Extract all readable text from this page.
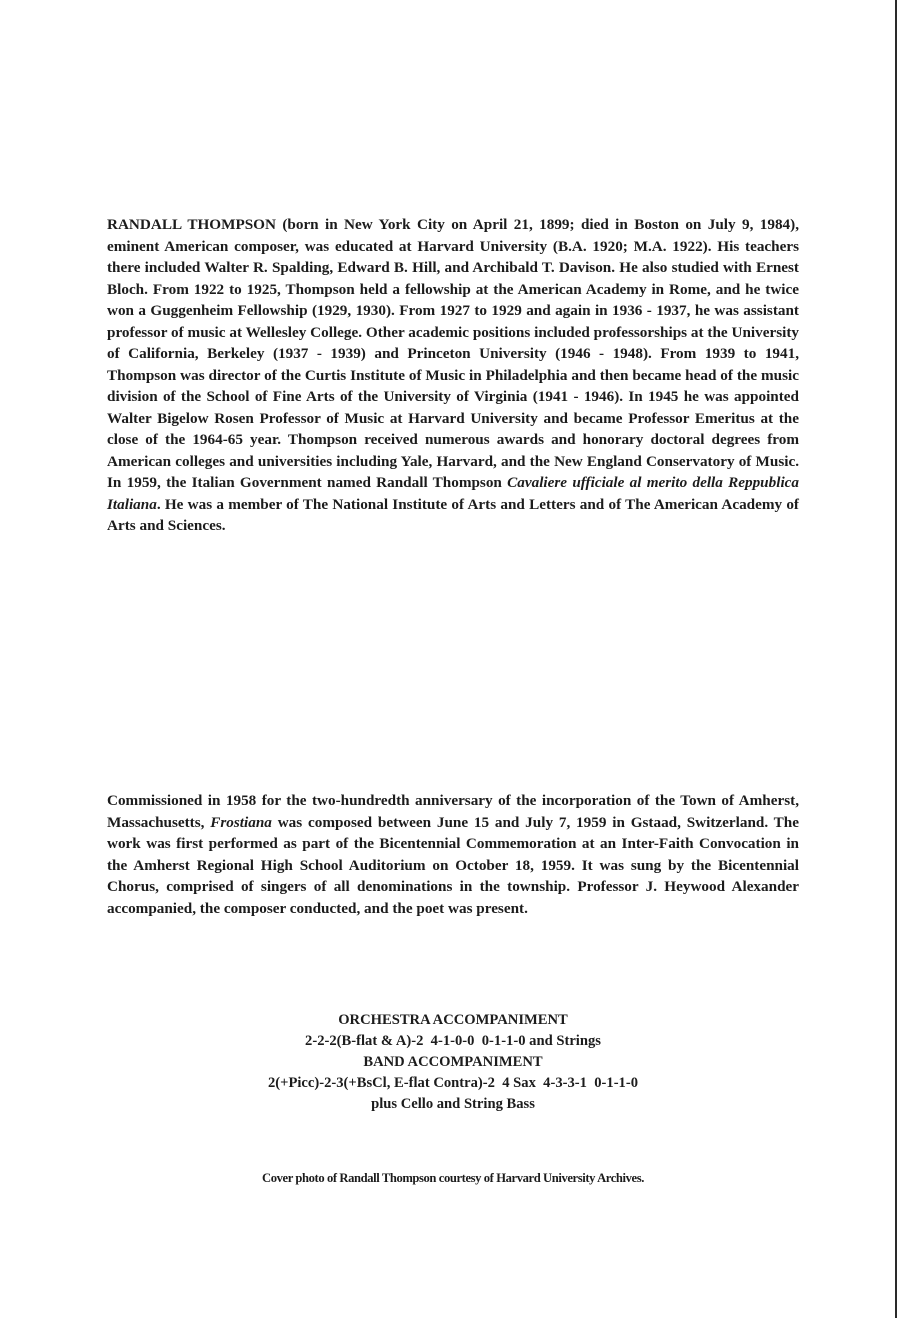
RANDALL THOMPSON (born in New York City on April 21, 1899; died in Boston on July 9, 1984), eminent American composer, was educated at Harvard University (B.A. 1920; M.A. 1922). His teachers there included Walter R. Spalding, Edward B. Hill, and Archibald T. Davison. He also studied with Ernest Bloch. From 1922 to 1925, Thompson held a fellowship at the American Academy in Rome, and he twice won a Guggenheim Fellowship (1929, 1930). From 1927 to 1929 and again in 1936 - 1937, he was assistant professor of music at Wellesley College. Other academic positions included professorships at the University of California, Berkeley (1937 - 1939) and Princeton University (1946 - 1948). From 1939 to 1941, Thompson was director of the Curtis Institute of Music in Philadelphia and then became head of the music division of the School of Fine Arts of the University of Virginia (1941 - 1946). In 1945 he was appointed Walter Bigelow Rosen Professor of Music at Harvard University and became Professor Emeritus at the close of the 1964-65 year. Thompson received numerous awards and honorary doctoral degrees from American colleges and universities including Yale, Harvard, and the New England Conservatory of Music. In 1959, the Italian Government named Randall Thompson Cavaliere ufficiale al merito della Reppublica Italiana. He was a member of The National Institute of Arts and Letters and of The American Academy of Arts and Sciences.

Commissioned in 1958 for the two-hundredth anniversary of the incorporation of the Town of Amherst, Massachusetts, Frostiana was composed between June 15 and July 7, 1959 in Gstaad, Switzerland. The work was first performed as part of the Bicentennial Commemoration at an Inter-Faith Convocation in the Amherst Regional High School Auditorium on October 18, 1959. It was sung by the Bicentennial Chorus, comprised of singers of all denominations in the township. Professor J. Heywood Alexander accompanied, the composer conducted, and the poet was present.

ORCHESTRA ACCOMPANIMENT
2-2-2(B-flat & A)-2  4-1-0-0  0-1-1-0 and Strings
BAND ACCOMPANIMENT
2(+Picc)-2-3(+BsCl, E-flat Contra)-2  4 Sax  4-3-3-1  0-1-1-0
plus Cello and String Bass
Cover photo of Randall Thompson courtesy of Harvard University Archives.
